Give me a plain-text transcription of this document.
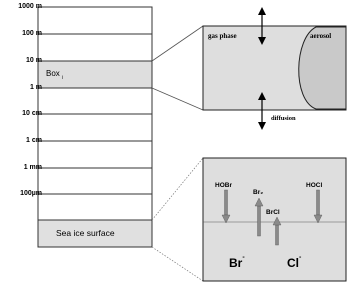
1000 m
100 m
10 m
1 m
10 cm
1 cm
1 mm
100µm
Box $_i$
Sea ice surface
gas phase	aerosol
diffusion
HOBr
Br₂
BrCl
HOCl
Br-	Cl-
